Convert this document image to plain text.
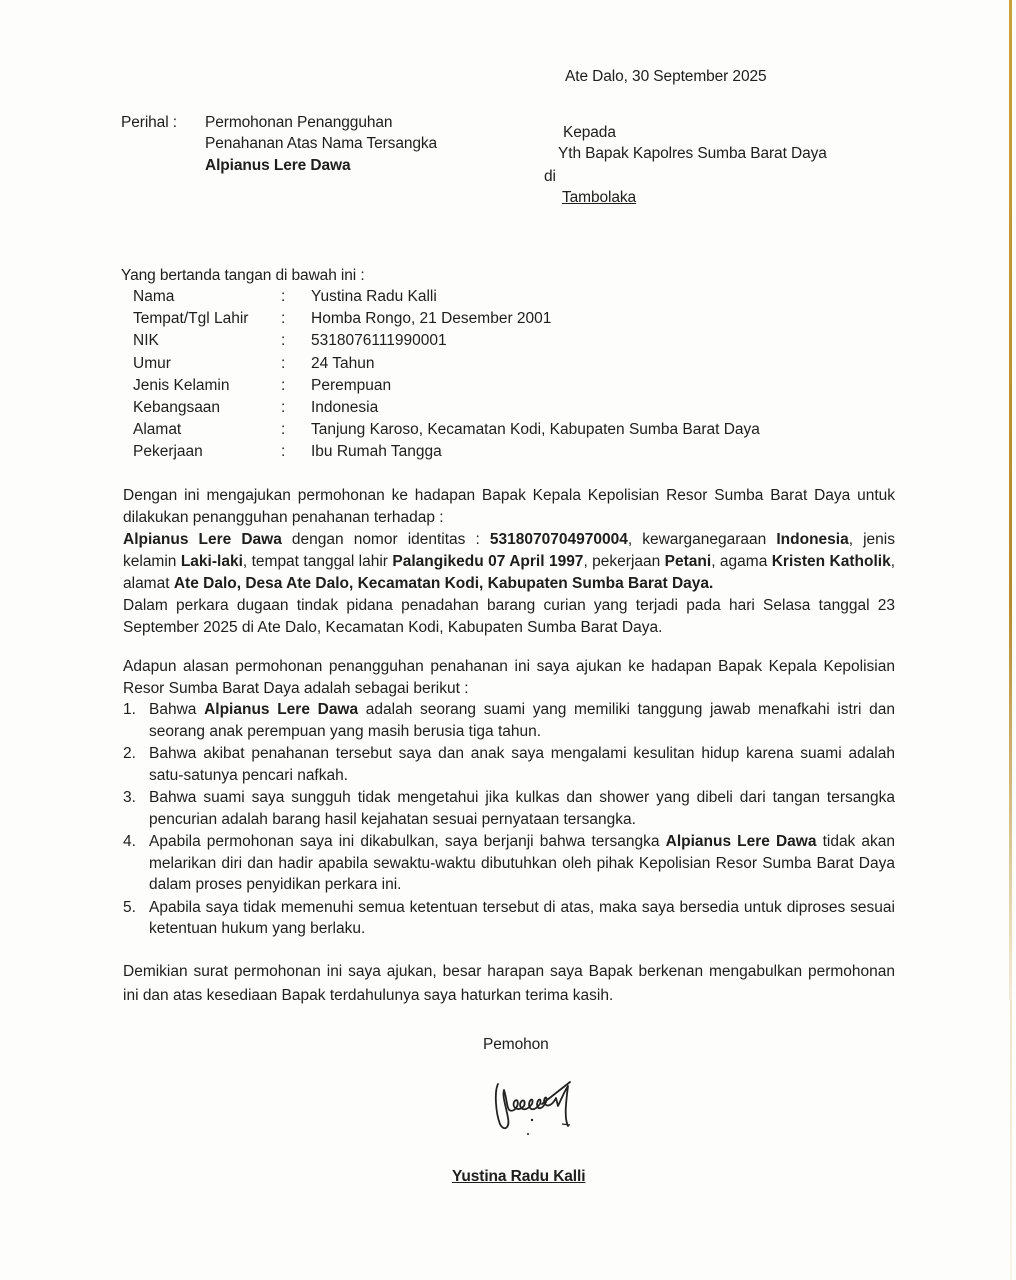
Ate Dalo, 30 September 2025
Perihal : Permohonan Penangguhan
Penahanan Atas Nama Tersangka
Alpianus Lere Dawa
Kepada
Yth Bapak Kapolres Sumba Barat Daya
di
Tambolaka
Yang bertanda tangan di bawah ini :
Nama	: Yustina Radu Kalli
Tempat/Tgl Lahir : Homba Rongo, 21 Desember 2001
NIK	: 5318076111990001
Umur	: 24 Tahun
Jenis Kelamin	: Perempuan
Kebangsaan	: Indonesia
Alamat	: Tanjung Karoso, Kecamatan Kodi, Kabupaten Sumba Barat Daya
Pekerjaan	: Ibu Rumah Tangga
Dengan ini mengajukan permohonan ke hadapan Bapak Kepala Kepolisian Resor Sumba Barat Daya untuk dilakukan penangguhan penahanan terhadap :
Alpianus Lere Dawa dengan nomor identitas : 5318070704970004, kewarganegaraan Indonesia, jenis kelamin Laki-laki, tempat tanggal lahir Palangikedu 07 April 1997, pekerjaan Petani, agama Kristen Katholik, alamat Ate Dalo, Desa Ate Dalo, Kecamatan Kodi, Kabupaten Sumba Barat Daya.
Dalam perkara dugaan tindak pidana penadahan barang curian yang terjadi pada hari Selasa tanggal 23 September 2025 di Ate Dalo, Kecamatan Kodi, Kabupaten Sumba Barat Daya.
Adapun alasan permohonan penangguhan penahanan ini saya ajukan ke hadapan Bapak Kepala Kepolisian Resor Sumba Barat Daya adalah sebagai berikut :
1. Bahwa Alpianus Lere Dawa adalah seorang suami yang memiliki tanggung jawab menafkahi istri dan seorang anak perempuan yang masih berusia tiga tahun.
2. Bahwa akibat penahanan tersebut saya dan anak saya mengalami kesulitan hidup karena suami adalah satu-satunya pencari nafkah.
3. Bahwa suami saya sungguh tidak mengetahui jika kulkas dan shower yang dibeli dari tangan tersangka pencurian adalah barang hasil kejahatan sesuai pernyataan tersangka.
4. Apabila permohonan saya ini dikabulkan, saya berjanji bahwa tersangka Alpianus Lere Dawa tidak akan melarikan diri dan hadir apabila sewaktu-waktu dibutuhkan oleh pihak Kepolisian Resor Sumba Barat Daya dalam proses penyidikan perkara ini.
5. Apabila saya tidak memenuhi semua ketentuan tersebut di atas, maka saya bersedia untuk diproses sesuai ketentuan hukum yang berlaku.
Demikian surat permohonan ini saya ajukan, besar harapan saya Bapak berkenan mengabulkan permohonan ini dan atas kesediaan Bapak terdahulunya saya haturkan terima kasih.
Pemohon
Yustina Radu Kalli
